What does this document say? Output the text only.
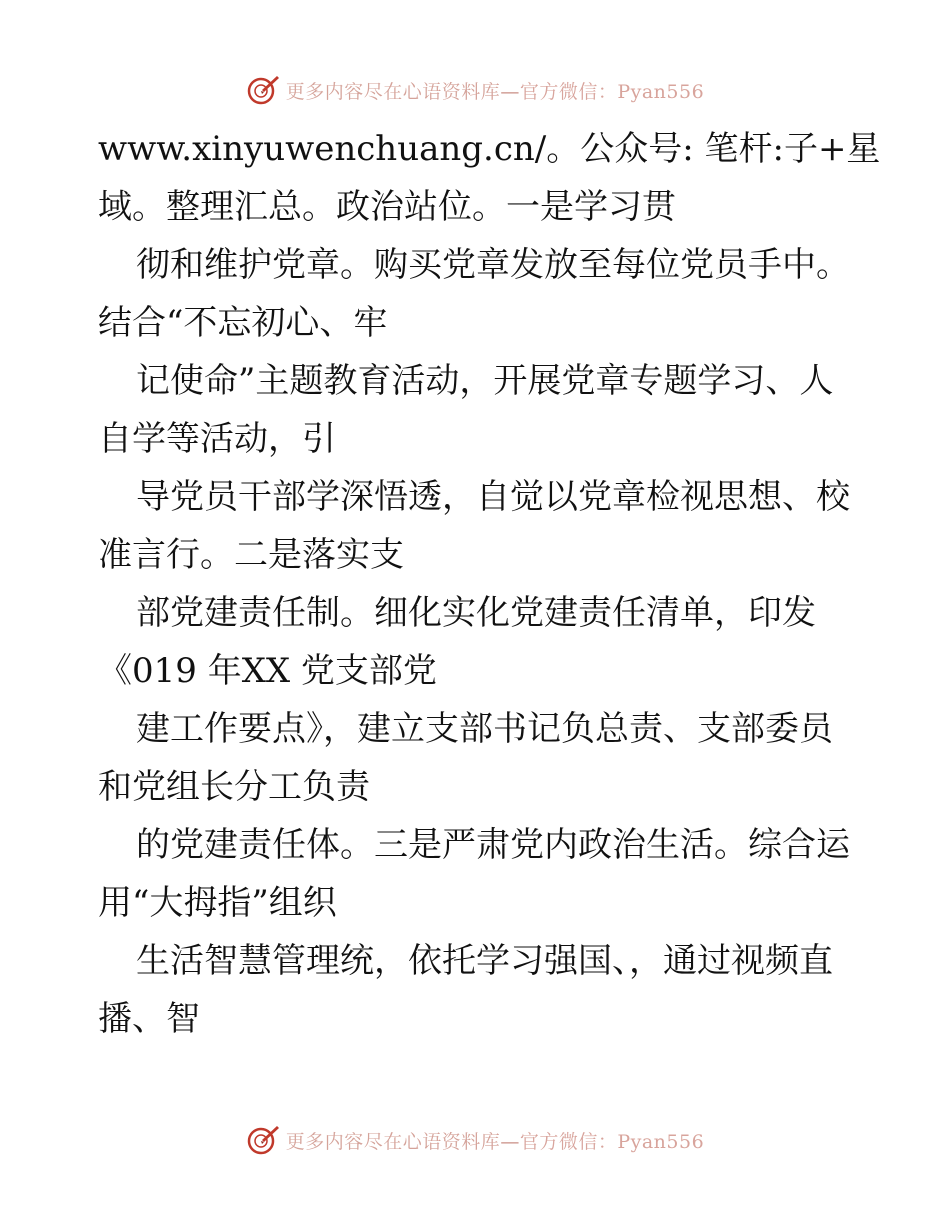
更多内容尽在心语资料库—官方微信：Pyan556
www.xinyuwenchuang.cn/。公众号: 笔杆:子+星
域。整理汇总。政治站位。一是学习贯
彻和维护党章。购买党章发放至每位党员手中。
结合“不忘初心、牢
记使命”主题教育活动，开展党章专题学习、人
自学等活动，引
导党员干部学深悟透，自觉以党章检视思想、校
准言行。二是落实支
部党建责任制。细化实化党建责任清单，印发
《019 年XX 党支部党
建工作要点》，建立支部书记负总责、支部委员
和党组长分工负责
的党建责任体。三是严肃党内政治生活。综合运
用“大拇指”组织
生活智慧管理统，依托学习强国、，通过视频直
播、智
更多内容尽在心语资料库—官方微信：Pyan556
